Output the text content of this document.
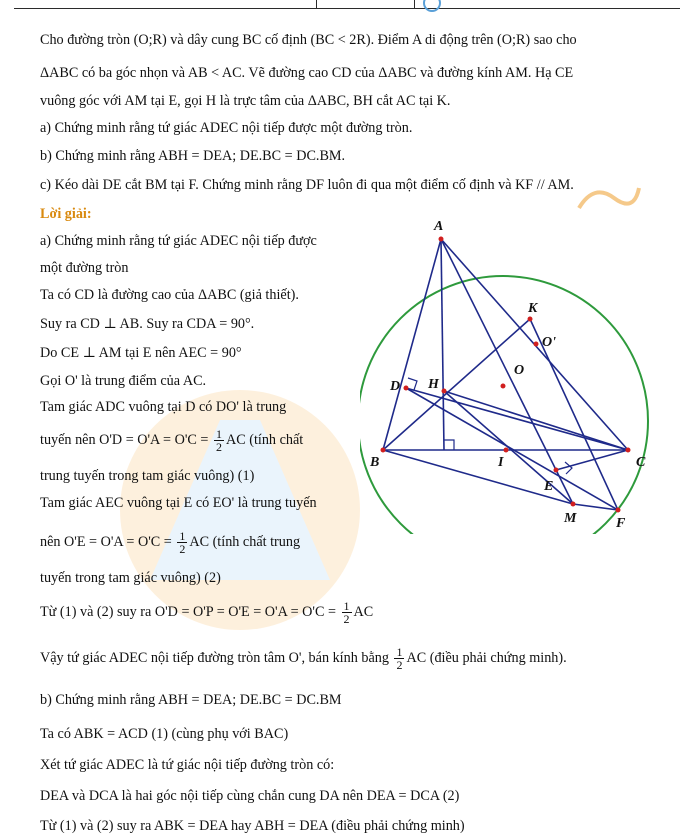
Cho đường tròn (O;R) và dây cung BC cố định (BC < 2R). Điểm A di động trên (O;R) sao cho
ΔABC có ba góc nhọn và AB < AC. Vẽ đường cao CD của ΔABC và đường kính AM. Hạ CE
vuông góc với AM tại E, gọi H là trực tâm của ΔABC, BH cắt AC tại K.
a) Chứng minh rằng tứ giác ADEC nội tiếp được một đường tròn.
b) Chứng minh rằng ABH = DEA; DE.BC = DC.BM.
c) Kéo dài DE cắt BM tại F. Chứng minh rằng DF luôn đi qua một điểm cố định và KF // AM.
Lời giải:
a) Chứng minh rằng tứ giác ADEC nội tiếp được
một đường tròn
Ta có CD là đường cao của ΔABC (giả thiết).
Suy ra CD ⊥ AB. Suy ra CDA = 90°.
Do CE ⊥ AM tại E nên AEC = 90°
Gọi O' là trung điểm của AC.
Tam giác ADC vuông tại D có DO' là trung
tuyến nên $O'D = O'A = O'C = \frac{1}{2}$ AC (tính chất
trung tuyến trong tam giác vuông) (1)
Tam giác AEC vuông tại E có EO' là trung tuyến
nên $O'E = O'A = O'C = \frac{1}{2}$ AC (tính chất trung
tuyến trong tam giác vuông) (2)
Từ (1) và (2) suy ra $O'D = O'P = O'E = O'A = O'C = \frac{1}{2}$ AC
Vậy tứ giác ADEC nội tiếp đường tròn tâm O', bán kính bằng $\frac{1}{2}$ AC (điều phải chứng minh).
b) Chứng minh rằng ABH = DEA; DE.BC = DC.BM
Ta có ABK = ACD (1) (cùng phụ với BAC)
Xét tứ giác ADEC là tứ giác nội tiếp đường tròn có:
DEA và DCA là hai góc nội tiếp cùng chắn cung DA nên DEA = DCA (2)
Từ (1) và (2) suy ra ABK = DEA hay ABH = DEA (điều phải chứng minh)
A
K
O'
O
D H
B	I	C
E
M	F
